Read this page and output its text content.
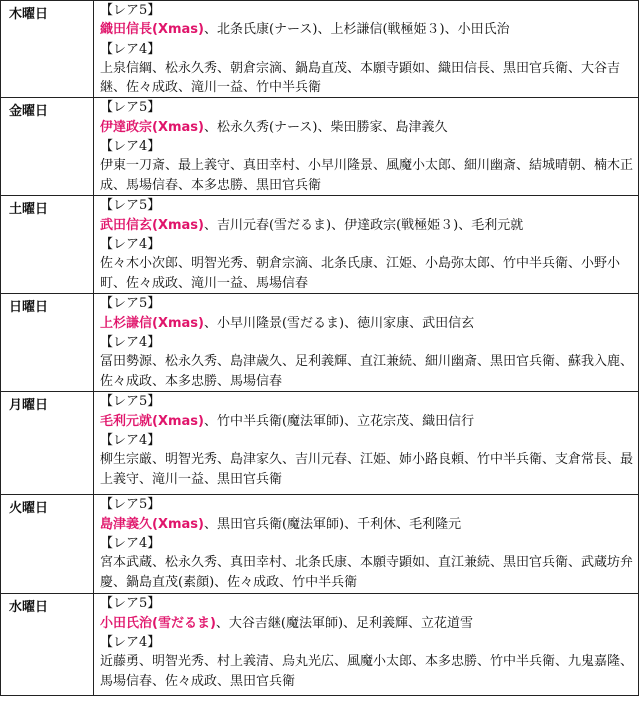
木曜日	【レア5】
織田信長(Xmas)、北条氏康(ナース)、上杉謙信(戦極姫３)、小田氏治
【レア4】
上泉信綱、松永久秀、朝倉宗滴、鍋島直茂、本願寺顕如、織田信長、黒田官兵衛、大谷吉継、佐々成政、滝川一益、竹中半兵衛

金曜日	【レア5】
伊達政宗(Xmas)、松永久秀(ナース)、柴田勝家、島津義久
【レア4】
伊東一刀斎、最上義守、真田幸村、小早川隆景、風魔小太郎、細川幽斎、結城晴朝、楠木正成、馬場信春、本多忠勝、黒田官兵衛

土曜日	【レア5】
武田信玄(Xmas)、吉川元春(雪だるま)、伊達政宗(戦極姫３)、毛利元就
【レア4】
佐々木小次郎、明智光秀、朝倉宗滴、北条氏康、江姫、小島弥太郎、竹中半兵衛、小野小町、佐々成政、滝川一益、馬場信春

日曜日	【レア5】
上杉謙信(Xmas)、小早川隆景(雪だるま)、徳川家康、武田信玄
【レア4】
冨田勢源、松永久秀、島津歳久、足利義輝、直江兼続、細川幽斎、黒田官兵衛、蘇我入鹿、佐々成政、本多忠勝、馬場信春

月曜日	【レア5】
毛利元就(Xmas)、竹中半兵衛(魔法軍師)、立花宗茂、織田信行
【レア4】
柳生宗厳、明智光秀、島津家久、吉川元春、江姫、姉小路良頼、竹中半兵衛、支倉常長、最上義守、滝川一益、黒田官兵衛

火曜日	【レア5】
島津義久(Xmas)、黒田官兵衛(魔法軍師)、千利休、毛利隆元
【レア4】
宮本武蔵、松永久秀、真田幸村、北条氏康、本願寺顕如、直江兼続、黒田官兵衛、武蔵坊弁慶、鍋島直茂(素顔)、佐々成政、竹中半兵衛

水曜日	【レア5】
小田氏治(雪だるま)、大谷吉継(魔法軍師)、足利義輝、立花道雪
【レア4】
近藤勇、明智光秀、村上義清、烏丸光広、風魔小太郎、本多忠勝、竹中半兵衛、九鬼嘉隆、馬場信春、佐々成政、黒田官兵衛
